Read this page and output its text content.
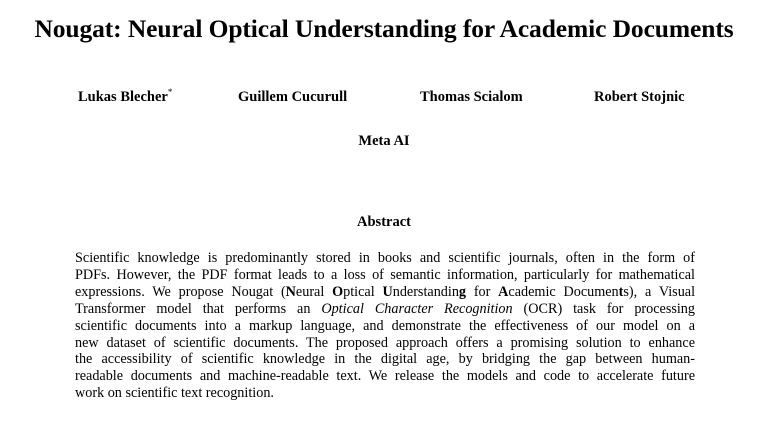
Nougat: Neural Optical Understanding for Academic Documents
Lukas Blecher*	Guillem Cucurull	Thomas Scialom	Robert Stojnic
Meta AI
Abstract
Scientific knowledge is predominantly stored in books and scientific journals, often in the form of
PDFs. However, the PDF format leads to a loss of semantic information, particularly for mathematical
expressions. We propose Nougat (Neural Optical Understanding for Academic Documents), a Visual
Transformer model that performs an Optical Character Recognition (OCR) task for processing
scientific documents into a markup language, and demonstrate the effectiveness of our model on a
new dataset of scientific documents. The proposed approach offers a promising solution to enhance
the accessibility of scientific knowledge in the digital age, by bridging the gap between human-
readable documents and machine-readable text. We release the models and code to accelerate future
work on scientific text recognition.
